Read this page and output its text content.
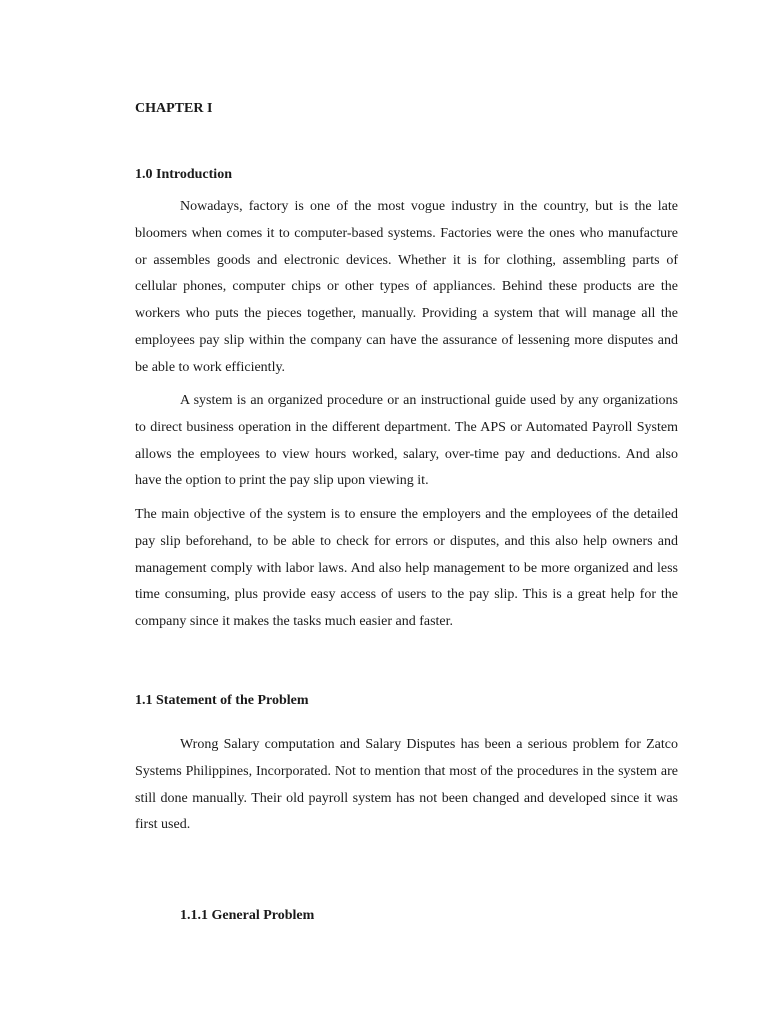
CHAPTER I
1.0 Introduction

Nowadays, factory is one of the most vogue industry in the country, but is the late bloomers when comes it to computer-based systems. Factories were the ones who manufacture or assembles goods and electronic devices. Whether it is for clothing, assembling parts of cellular phones, computer chips or other types of appliances. Behind these products are the workers who puts the pieces together, manually. Providing a system that will manage all the employees pay slip within the company can have the assurance of lessening more disputes and be able to work efficiently.

A system is an organized procedure or an instructional guide used by any organizations to direct business operation in the different department. The APS or Automated Payroll System allows the employees to view hours worked, salary, over-time pay and deductions. And also have the option to print the pay slip upon viewing it.

The main objective of the system is to ensure the employers and the employees of the detailed pay slip beforehand, to be able to check for errors or disputes, and this also help owners and management comply with labor laws. And also help management to be more organized and less time consuming, plus provide easy access of users to the pay slip. This is a great help for the company since it makes the tasks much easier and faster.

1.1 Statement of the Problem

Wrong Salary computation and Salary Disputes has been a serious problem for Zatco Systems Philippines, Incorporated. Not to mention that most of the procedures in the system are still done manually. Their old payroll system has not been changed and developed since it was first used.

1.1.1 General Problem
